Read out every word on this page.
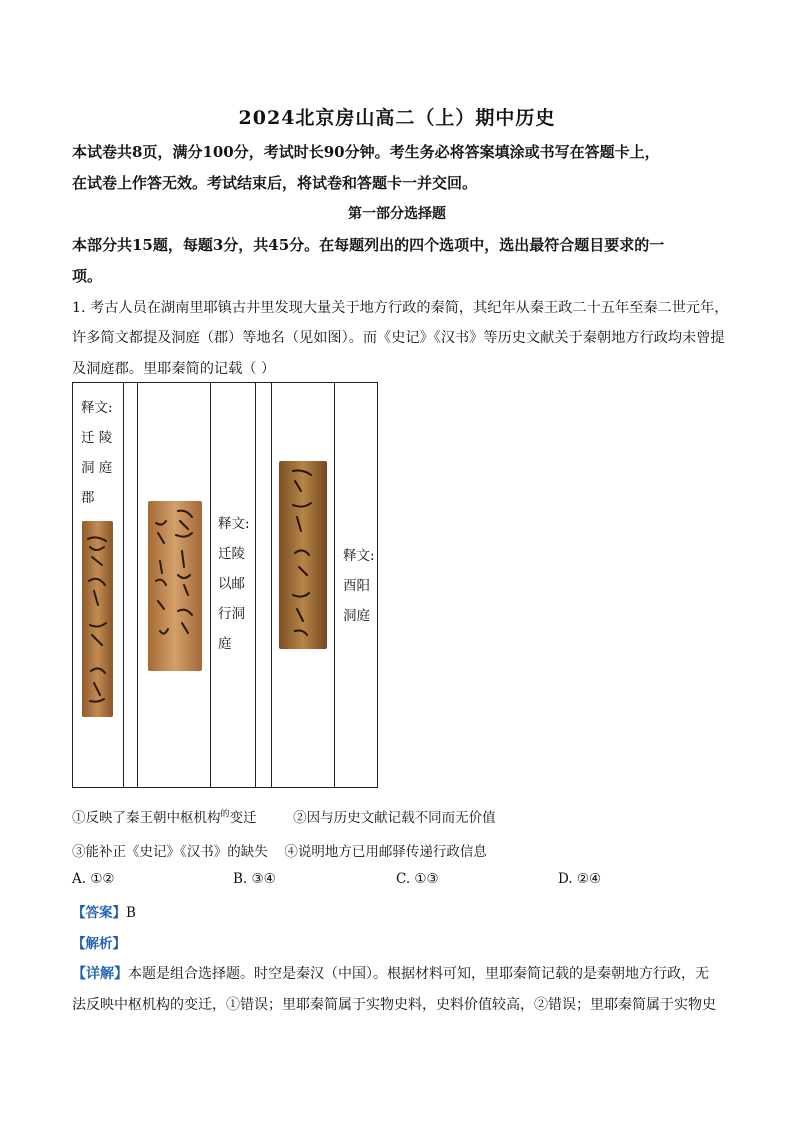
2024北京房山高二（上）期中历史
本试卷共8页，满分100分，考试时长90分钟。考生务必将答案填涂或书写在答题卡上，
在试卷上作答无效。考试结束后，将试卷和答题卡一并交回。
第一部分选择题
本部分共15题，每题3分，共45分。在每题列出的四个选项中，选出最符合题目要求的一
项。
1. 考古人员在湖南里耶镇古井里发现大量关于地方行政的秦简，其纪年从秦王政二十五年至秦二世元年，
许多简文都提及洞庭（郡）等地名（见如图）。而《史记》《汉书》等历史文献关于秦朝地方行政均未曾提
及洞庭郡。里耶秦简的记载（ ）
释文:
迁 陵
洞 庭
郡
释文:
迁陵
以邮
行洞
庭
释文:
酉阳
洞庭
①反映了秦王朝中枢机构$^的$变迁	②因与历史文献记载不同而无价值
③能补正《史记》《汉书》的缺失 ④说明地方已用邮驿传递行政信息
A. ①②	B. ③④	C. ①③	D. ②④
【答案】B
【解析】
【详解】本题是组合选择题。时空是秦汉（中国）。根据材料可知，里耶秦简记载的是秦朝地方行政，无
法反映中枢机构的变迁，①错误；里耶秦简属于实物史料，史料价值较高，②错误；里耶秦简属于实物史
